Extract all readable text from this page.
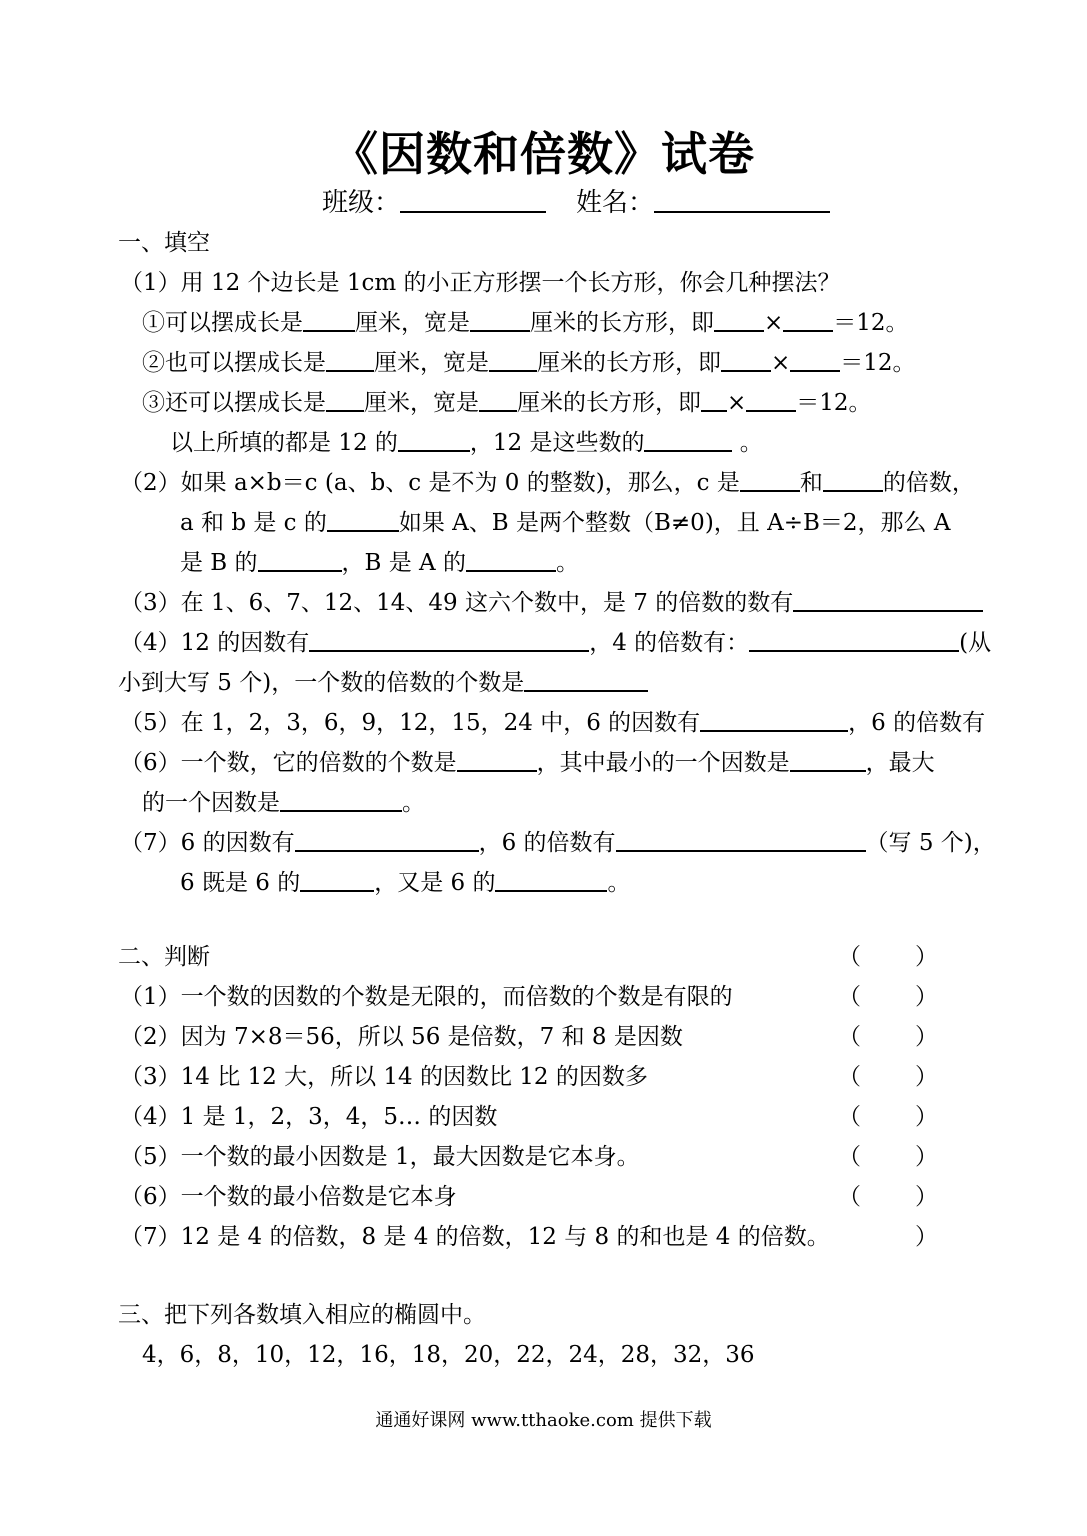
《因数和倍数》试卷
班级：	姓名：
一、填空
（1）用 12 个边长是 1cm 的小正方形摆一个长方形，你会几种摆法？
①可以摆成长是 厘米，宽是	厘米的长方形，即 × ＝12。
②也可以摆成长是 厘米，宽是 厘米的长方形，即 × ＝12。
③还可以摆成长是 厘米，宽是 厘米的长方形，即 × ＝12。
以上所填的都是 12 的	，12 是这些数的	。
（2）如果 a×b＝c (a、b、c 是不为 0 的整数)，那么，c 是	和	的倍数，
a 和 b 是 c 的	如果 A、B 是两个整数（B≠0)，且 A÷B＝2，那么 A
是 B 的	，B 是 A 的	。
（3）在 1、6、7、12、14、49 这六个数中，是 7 的倍数的数有
（4）12 的因数有	，4 的倍数有：	(从
小到大写 5 个)，一个数的倍数的个数是
（5）在 1，2，3，6，9，12，15，24 中，6 的因数有	，6 的倍数有
（6）一个数，它的倍数的个数是	，其中最小的一个因数是	，最大
的一个因数是	。
（7）6 的因数有	，6 的倍数有	（写 5 个)，
6 既是 6 的	，又是 6 的	。
二、判断	（ ）
（1）一个数的因数的个数是无限的，而倍数的个数是有限的	（ ）
（2）因为 7×8＝56，所以 56 是倍数，7 和 8 是因数	（ ）
（3）14 比 12 大，所以 14 的因数比 12 的因数多	（ ）
（4）1 是 1，2，3，4，5… 的因数	（ ）
（5）一个数的最小因数是 1，最大因数是它本身。	（ ）
（6）一个数的最小倍数是它本身	（ ）
（7）12 是 4 的倍数，8 是 4 的倍数，12 与 8 的和也是 4 的倍数。	）
三、把下列各数填入相应的椭圆中。
4，6，8，10，12，16，18，20，22，24，28，32，36
通通好课网 www.tthaoke.com 提供下载
